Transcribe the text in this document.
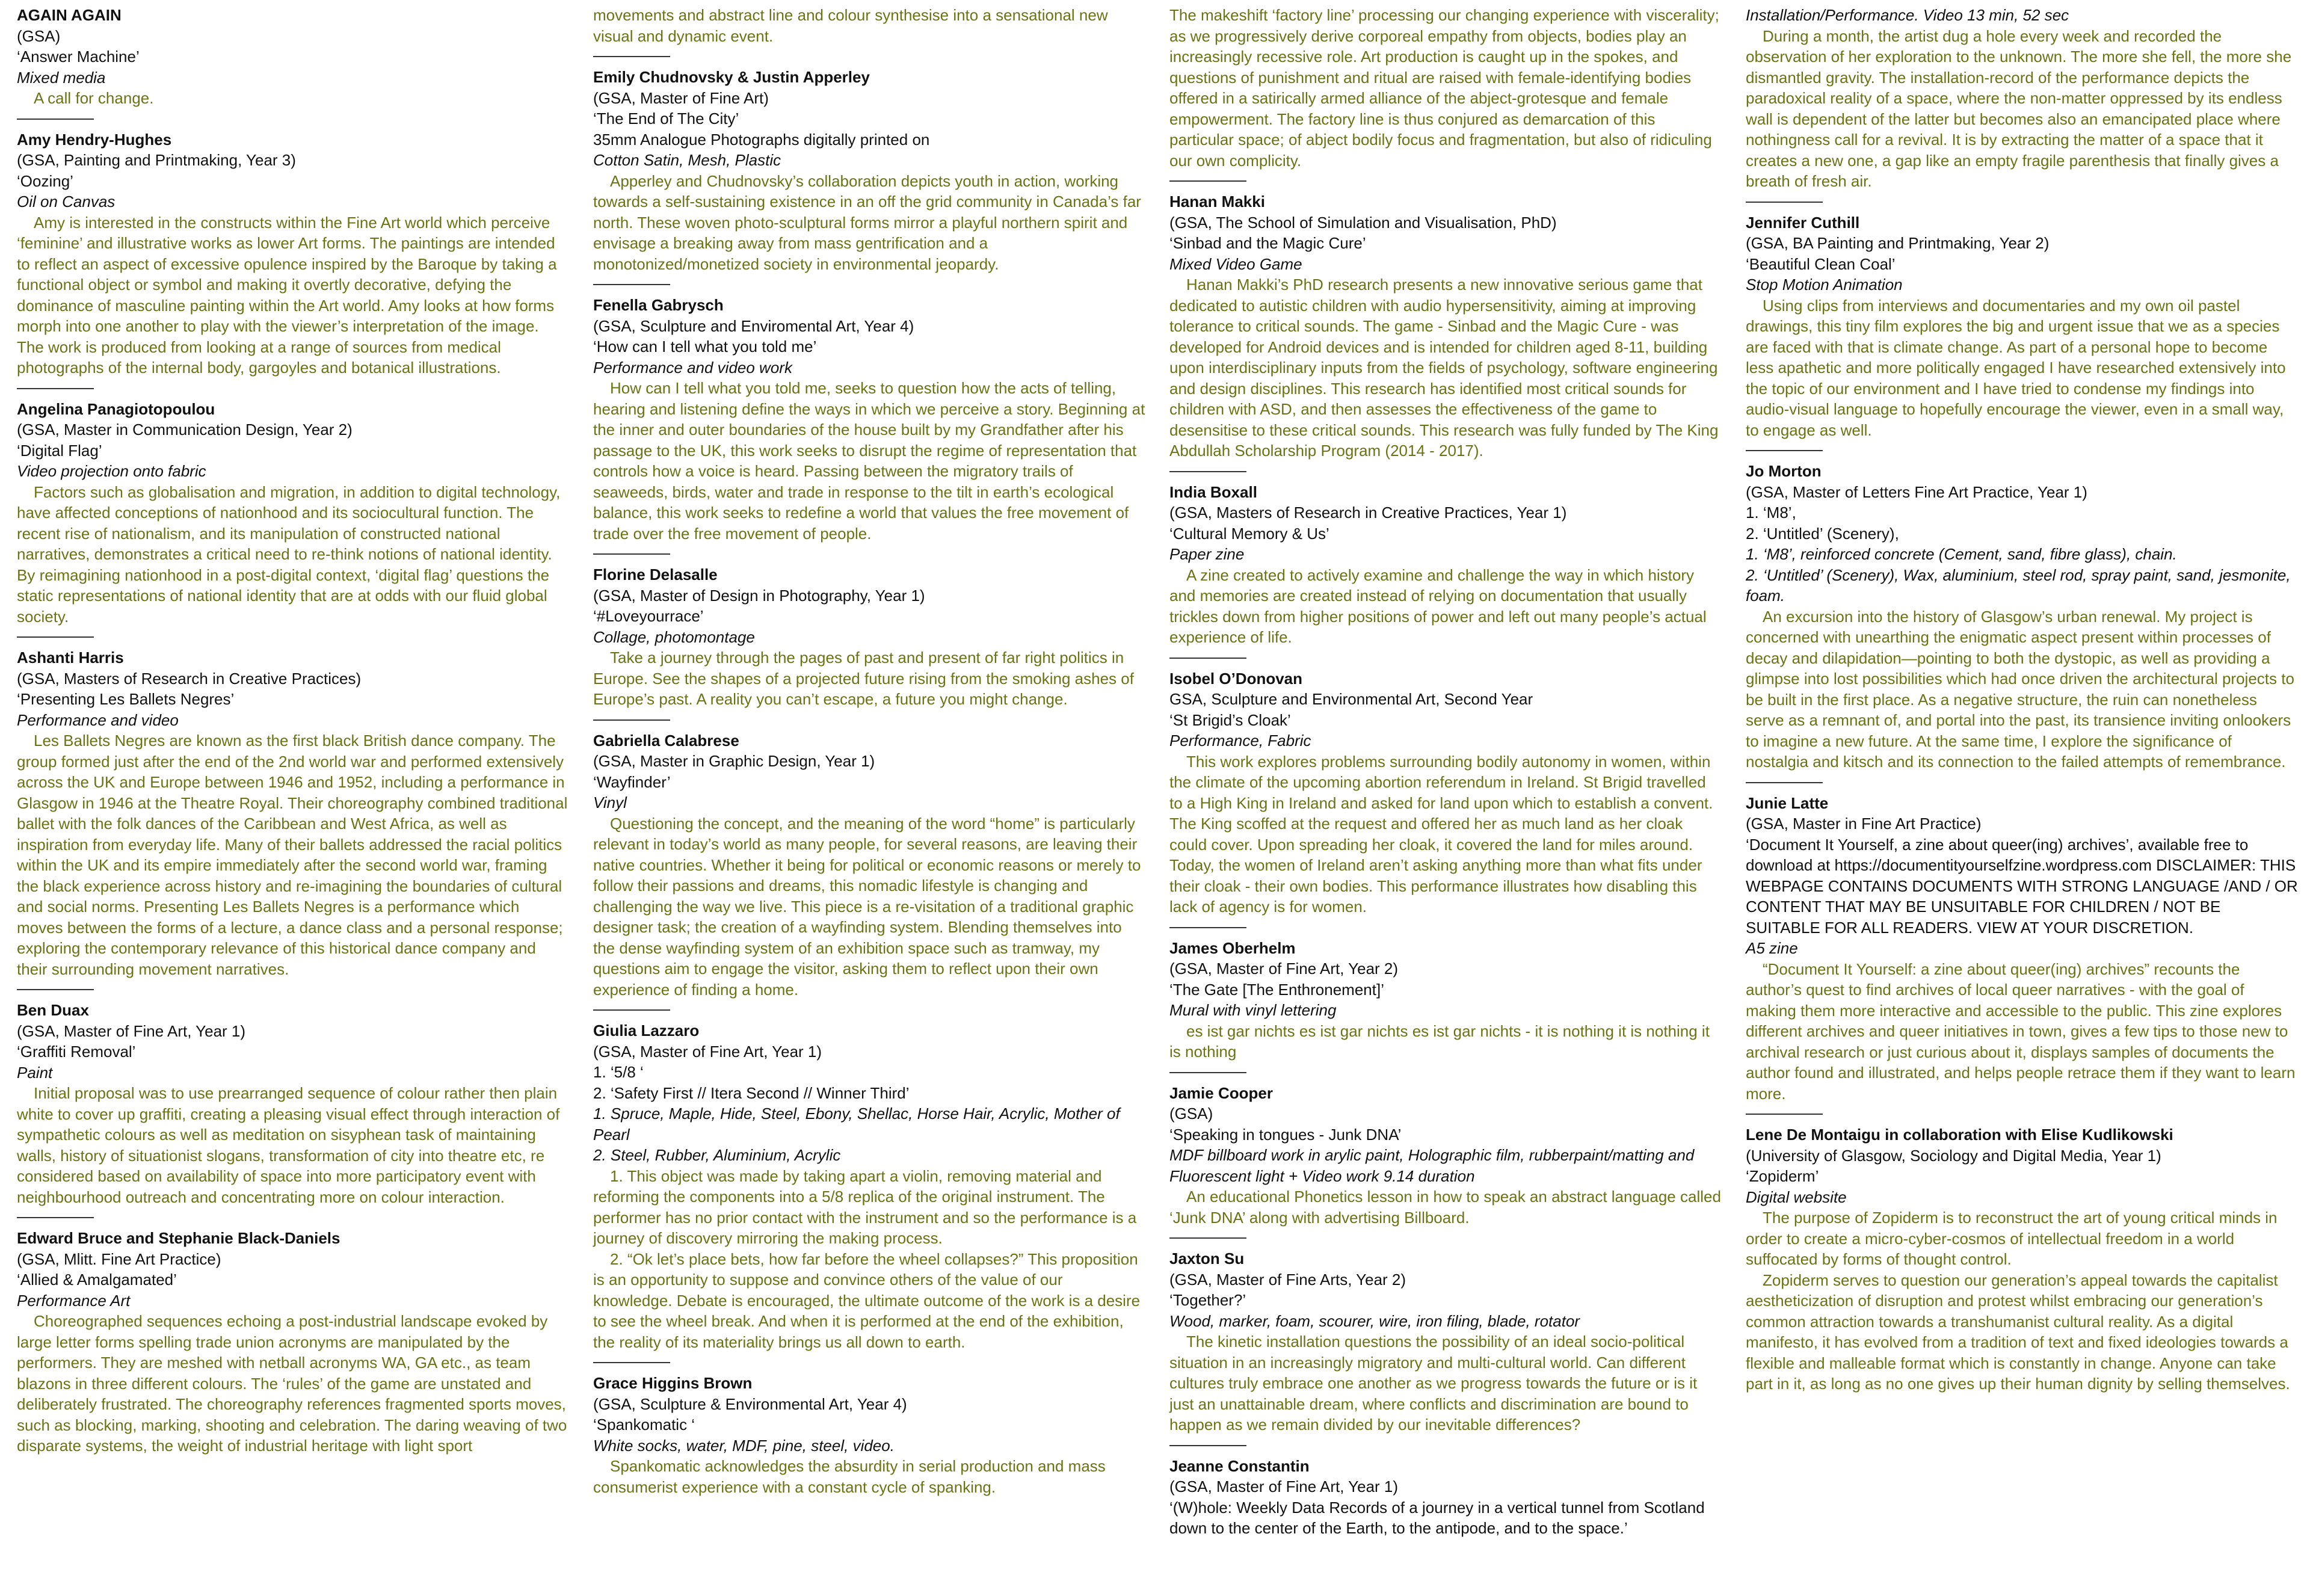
AGAIN AGAIN
(GSA)
‘Answer Machine’
Mixed media
A call for change.
Amy Hendry-Hughes
(GSA, Painting and Printmaking, Year 3)
‘Oozing’
Oil on Canvas
Amy is interested in the constructs within the Fine Art world which perceive ‘feminine’ and illustrative works as lower Art forms. The paintings are intended to reflect an aspect of excessive opulence inspired by the Baroque by taking a functional object or symbol and making it overtly decorative, defying the dominance of masculine painting within the Art world. Amy looks at how forms morph into one another to play with the viewer’s interpretation of the image. The work is produced from looking at a range of sources from medical photographs of the internal body, gargoyles and botanical illustrations.
Angelina Panagiotopoulou
(GSA, Master in Communication Design, Year 2)
‘Digital Flag’
Video projection onto fabric
Factors such as globalisation and migration, in addition to digital technology, have affected conceptions of nationhood and its sociocultural function. The recent rise of nationalism, and its manipulation of constructed national narratives, demonstrates a critical need to re-think notions of national identity. By reimagining nationhood in a post-digital context, ‘digital flag’ questions the static representations of national identity that are at odds with our fluid global society.
Ashanti Harris
(GSA, Masters of Research in Creative Practices)
‘Presenting Les Ballets Negres’
Performance and video
Les Ballets Negres are known as the first black British dance company. The group formed just after the end of the 2nd world war and performed extensively across the UK and Europe between 1946 and 1952, including a performance in Glasgow in 1946 at the Theatre Royal. Their choreography combined traditional ballet with the folk dances of the Caribbean and West Africa, as well as inspiration from everyday life. Many of their ballets addressed the racial politics within the UK and its empire immediately after the second world war, framing the black experience across history and re-imagining the boundaries of cultural and social norms. Presenting Les Ballets Negres is a performance which moves between the forms of a lecture, a dance class and a personal response; exploring the contemporary relevance of this historical dance company and their surrounding movement narratives.
Ben Duax
(GSA, Master of Fine Art, Year 1)
‘Graffiti Removal’
Paint
Initial proposal was to use prearranged sequence of colour rather then plain white to cover up graffiti, creating a pleasing visual effect through interaction of sympathetic colours as well as meditation on sisyphean task of maintaining walls, history of situationist slogans, transformation of city into theatre etc, re considered based on availability of space into more participatory event with neighbourhood outreach and concentrating more on colour interaction.
Edward Bruce and Stephanie Black-Daniels
(GSA, Mlitt. Fine Art Practice)
‘Allied & Amalgamated’
Performance Art
Choreographed sequences echoing a post-industrial landscape evoked by large letter forms spelling trade union acronyms are manipulated by the performers. They are meshed with netball acronyms WA, GA etc., as team blazons in three different colours. The ‘rules’ of the game are unstated and deliberately frustrated. The choreography references fragmented sports moves, such as blocking, marking, shooting and celebration. The daring weaving of two disparate systems, the weight of industrial heritage with light sport
movements and abstract line and colour synthesise into a sensational new visual and dynamic event.
Emily Chudnovsky & Justin Apperley
(GSA, Master of Fine Art)
‘The End of The City’
35mm Analogue Photographs digitally printed on
Cotton Satin, Mesh, Plastic
Apperley and Chudnovsky’s collaboration depicts youth in action, working towards a self-sustaining existence in an off the grid community in Canada’s far north. These woven photo-sculptural forms mirror a playful northern spirit and envisage a breaking away from mass gentrification and a monotonized/monetized society in environmental jeopardy.
Fenella Gabrysch
(GSA, Sculpture and Enviromental Art, Year 4)
‘How can I tell what you told me’
Performance and video work
How can I tell what you told me, seeks to question how the acts of telling, hearing and listening define the ways in which we perceive a story. Beginning at the inner and outer boundaries of the house built by my Grandfather after his passage to the UK, this work seeks to disrupt the regime of representation that controls how a voice is heard. Passing between the migratory trails of seaweeds, birds, water and trade in response to the tilt in earth’s ecological balance, this work seeks to redefine a world that values the free movement of trade over the free movement of people.
Florine Delasalle
(GSA, Master of Design in Photography, Year 1)
‘#Loveyourrace’
Collage, photomontage
Take a journey through the pages of past and present of far right politics in Europe. See the shapes of a projected future rising from the smoking ashes of Europe’s past. A reality you can’t escape, a future you might change.
Gabriella Calabrese
(GSA, Master in Graphic Design, Year 1)
‘Wayfinder’
Vinyl
Questioning the concept, and the meaning of the word “home” is particularly relevant in today’s world as many people, for several reasons, are leaving their native countries. Whether it being for political or economic reasons or merely to follow their passions and dreams, this nomadic lifestyle is changing and challenging the way we live. This piece is a re-visitation of a traditional graphic designer task; the creation of a wayfinding system. Blending themselves into the dense wayfinding system of an exhibition space such as tramway, my questions aim to engage the visitor, asking them to reflect upon their own experience of finding a home.
Giulia Lazzaro
(GSA, Master of Fine Art, Year 1)
1. ‘5/8 ‘
2. ‘Safety First // Itera Second // Winner Third’
1. Spruce, Maple, Hide, Steel, Ebony, Shellac, Horse Hair, Acrylic, Mother of Pearl
2. Steel, Rubber, Aluminium, Acrylic
1. This object was made by taking apart a violin, removing material and reforming the components into a 5/8 replica of the original instrument. The performer has no prior contact with the instrument and so the performance is a journey of discovery mirroring the making process.
2. “Ok let’s place bets, how far before the wheel collapses?” This proposition is an opportunity to suppose and convince others of the value of our knowledge. Debate is encouraged, the ultimate outcome of the work is a desire to see the wheel break. And when it is performed at the end of the exhibition, the reality of its materiality brings us all down to earth.
Grace Higgins Brown
(GSA, Sculpture & Environmental Art, Year 4)
‘Spankomatic ‘
White socks, water, MDF, pine, steel, video.
Spankomatic acknowledges the absurdity in serial production and mass consumerist experience with a constant cycle of spanking.
The makeshift ‘factory line’ processing our changing experience with viscerality; as we progressively derive corporeal empathy from objects, bodies play an increasingly recessive role. Art production is caught up in the spokes, and questions of punishment and ritual are raised with female-identifying bodies offered in a satirically armed alliance of the abject-grotesque and female empowerment. The factory line is thus conjured as demarcation of this particular space; of abject bodily focus and fragmentation, but also of ridiculing our own complicity.
Hanan Makki
(GSA, The School of Simulation and Visualisation, PhD)
‘Sinbad and the Magic Cure’
Mixed Video Game
Hanan Makki’s PhD research presents a new innovative serious game that dedicated to autistic children with audio hypersensitivity, aiming at improving tolerance to critical sounds. The game - Sinbad and the Magic Cure - was developed for Android devices and is intended for children aged 8-11, building upon interdisciplinary inputs from the fields of psychology, software engineering and design disciplines. This research has identified most critical sounds for children with ASD, and then assesses the effectiveness of the game to desensitise to these critical sounds. This research was fully funded by The King Abdullah Scholarship Program (2014 - 2017).
India Boxall
(GSA, Masters of Research in Creative Practices, Year 1)
‘Cultural Memory & Us’
Paper zine
A zine created to actively examine and challenge the way in which history and memories are created instead of relying on documentation that usually trickles down from higher positions of power and left out many people’s actual experience of life.
Isobel O’Donovan
GSA, Sculpture and Environmental Art, Second Year
‘St Brigid’s Cloak’
Performance, Fabric
This work explores problems surrounding bodily autonomy in women, within the climate of the upcoming abortion referendum in Ireland. St Brigid travelled to a High King in Ireland and asked for land upon which to establish a convent. The King scoffed at the request and offered her as much land as her cloak could cover. Upon spreading her cloak, it covered the land for miles around. Today, the women of Ireland aren’t asking anything more than what fits under their cloak - their own bodies. This performance illustrates how disabling this lack of agency is for women.
James Oberhelm
(GSA, Master of Fine Art, Year 2)
‘The Gate [The Enthronement]’
Mural with vinyl lettering
es ist gar nichts es ist gar nichts es ist gar nichts - it is nothing it is nothing it is nothing
Jamie Cooper
(GSA)
‘Speaking in tongues - Junk DNA’
MDF billboard work in arylic paint, Holographic film, rubberpaint/matting and Fluorescent light + Video work 9.14 duration
An educational Phonetics lesson in how to speak an abstract language called ‘Junk DNA’ along with advertising Billboard.
Jaxton Su
(GSA, Master of Fine Arts, Year 2)
‘Together?’
Wood, marker, foam, scourer, wire, iron filing, blade, rotator
The kinetic installation questions the possibility of an ideal socio-political situation in an increasingly migratory and multi-cultural world. Can different cultures truly embrace one another as we progress towards the future or is it just an unattainable dream, where conflicts and discrimination are bound to happen as we remain divided by our inevitable differences?
Jeanne Constantin
(GSA, Master of Fine Art, Year 1)
‘(W)hole: Weekly Data Records of a journey in a vertical tunnel from Scotland down to the center of the Earth, to the antipode, and to the space.’
Installation/Performance. Video 13 min, 52 sec
During a month, the artist dug a hole every week and recorded the observation of her exploration to the unknown. The more she fell, the more she dismantled gravity. The installation-record of the performance depicts the paradoxical reality of a space, where the non-matter oppressed by its endless wall is dependent of the latter but becomes also an emancipated place where nothingness call for a revival. It is by extracting the matter of a space that it creates a new one, a gap like an empty fragile parenthesis that finally gives a breath of fresh air.
Jennifer Cuthill
(GSA, BA Painting and Printmaking, Year 2)
‘Beautiful Clean Coal’
Stop Motion Animation
Using clips from interviews and documentaries and my own oil pastel drawings, this tiny film explores the big and urgent issue that we as a species are faced with that is climate change. As part of a personal hope to become less apathetic and more politically engaged I have researched extensively into the topic of our environment and I have tried to condense my findings into audio-visual language to hopefully encourage the viewer, even in a small way, to engage as well.
Jo Morton
(GSA, Master of Letters Fine Art Practice, Year 1)
1. ‘M8’,
2. ‘Untitled’ (Scenery),
1. ‘M8’, reinforced concrete (Cement, sand, fibre glass), chain.
2. ‘Untitled’ (Scenery), Wax, aluminium, steel rod, spray paint, sand, jesmonite, foam.
An excursion into the history of Glasgow’s urban renewal. My project is concerned with unearthing the enigmatic aspect present within processes of decay and dilapidation—pointing to both the dystopic, as well as providing a glimpse into lost possibilities which had once driven the architectural projects to be built in the first place. As a negative structure, the ruin can nonetheless serve as a remnant of, and portal into the past, its transience inviting onlookers to imagine a new future. At the same time, I explore the significance of nostalgia and kitsch and its connection to the failed attempts of remembrance.
Junie Latte
(GSA, Master in Fine Art Practice)
‘Document It Yourself, a zine about queer(ing) archives’, available free to download at https://documentityourselfzine.wordpress.com DISCLAIMER: THIS WEBPAGE CONTAINS DOCUMENTS WITH STRONG LANGUAGE /AND / OR CONTENT THAT MAY BE UNSUITABLE FOR CHILDREN / NOT BE SUITABLE FOR ALL READERS. VIEW AT YOUR DISCRETION.
A5 zine
“Document It Yourself: a zine about queer(ing) archives” recounts the author’s quest to find archives of local queer narratives - with the goal of making them more interactive and accessible to the public. This zine explores different archives and queer initiatives in town, gives a few tips to those new to archival research or just curious about it, displays samples of documents the author found and illustrated, and helps people retrace them if they want to learn more.
Lene De Montaigu in collaboration with Elise Kudlikowski
(University of Glasgow, Sociology and Digital Media, Year 1)
‘Zopiderm’
Digital website
The purpose of Zopiderm is to reconstruct the art of young critical minds in order to create a micro-cyber-cosmos of intellectual freedom in a world suffocated by forms of thought control.
Zopiderm serves to question our generation’s appeal towards the capitalist aestheticization of disruption and protest whilst embracing our generation’s common attraction towards a transhumanist cultural reality. As a digital manifesto, it has evolved from a tradition of text and fixed ideologies towards a flexible and malleable format which is constantly in change. Anyone can take part in it, as long as no one gives up their human dignity by selling themselves.
